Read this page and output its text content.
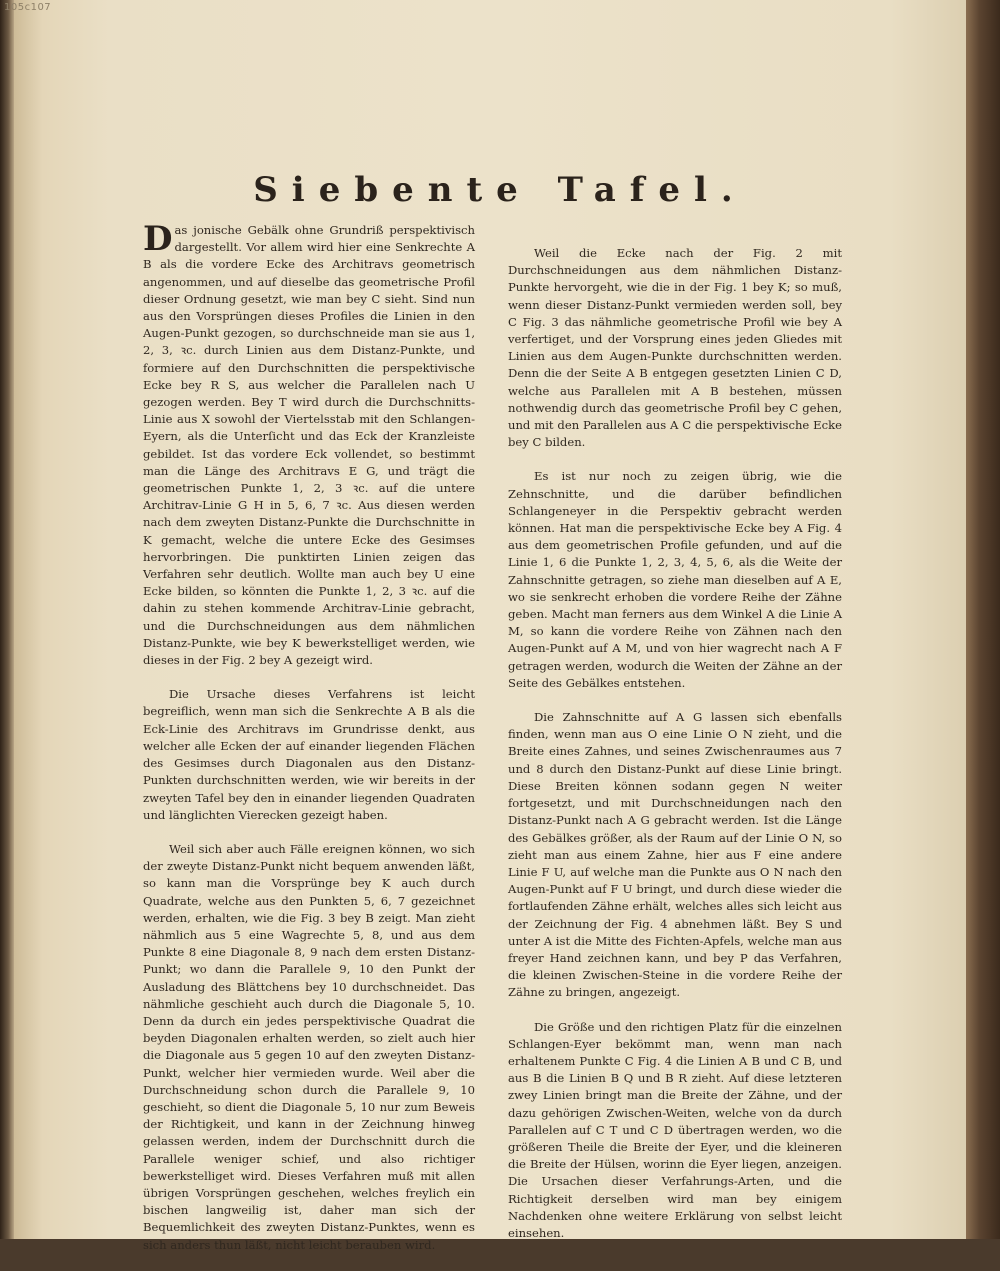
105c107
Siebente Tafel.

Das jonische Gebälk ohne Grundriß perspektivisch dargestellt. Vor allem wird hier eine Senkrechte A B als die vordere Ecke des Architravs geometrisch angenommen, und auf dieselbe das geometrische Profil dieser Ordnung gesetzt, wie man bey C sieht. Sind nun aus den Vorsprüngen dieses Profiles die Linien in den Augen-Punkt gezogen, so durchschneide man sie aus 1, 2, 3, ꝛc. durch Linien aus dem Distanz-Punkte, und formiere auf den Durchschnitten die perspektivische Ecke bey R S, aus welcher die Parallelen nach U gezogen werden. Bey T wird durch die Durchschnitts-Linie aus X sowohl der Viertelsstab mit den Schlangen-Eyern, als die Unterſicht und das Eck der Kranzleiste gebildet. Ist das vordere Eck vollendet, so bestimmt man die Länge des Architravs E G, und trägt die geometrischen Punkte 1, 2, 3 ꝛc. auf die untere Architrav-Linie G H in 5, 6, 7 ꝛc. Aus diesen werden nach dem zweyten Distanz-Punkte die Durchschnitte in K gemacht, welche die untere Ecke des Gesimses hervorbringen. Die punktirten Linien zeigen das Verfahren sehr deutlich. Wollte man auch bey U eine Ecke bilden, so könnten die Punkte 1, 2, 3 ꝛc. auf die dahin zu stehen kommende Architrav-Linie gebracht, und die Durchschneidungen aus dem nähmlichen Distanz-Punkte, wie bey K bewerkstelliget werden, wie dieses in der Fig. 2 bey A gezeigt wird.

Die Ursache dieses Verfahrens ist leicht begreiflich, wenn man sich die Senkrechte A B als die Eck-Linie des Architravs im Grundrisse denkt, aus welcher alle Ecken der auf einander liegenden Flächen des Gesimses durch Diagonalen aus den Distanz-Punkten durchschnitten werden, wie wir bereits in der zweyten Tafel bey den in einander liegenden Quadraten und länglichten Vierecken gezeigt haben.

Weil sich aber auch Fälle ereignen können, wo sich der zweyte Distanz-Punkt nicht bequem anwenden läßt, so kann man die Vorsprünge bey K auch durch Quadrate, welche aus den Punkten 5, 6, 7 gezeichnet werden, erhalten, wie die Fig. 3 bey B zeigt. Man zieht nähmlich aus 5 eine Wagrechte 5, 8, und aus dem Punkte 8 eine Diagonale 8, 9 nach dem ersten Distanz-Punkt; wo dann die Parallele 9, 10 den Punkt der Ausladung des Blättchens bey 10 durchschneidet. Das nähmliche geschieht auch durch die Diagonale 5, 10. Denn da durch ein jedes perspektivische Quadrat die beyden Diagonalen erhalten werden, so zielt auch hier die Diagonale aus 5 gegen 10 auf den zweyten Distanz-Punkt, welcher hier vermieden wurde. Weil aber die Durchschneidung schon durch die Parallele 9, 10 geschieht, so dient die Diagonale 5, 10 nur zum Beweis der Richtigkeit, und kann in der Zeichnung hinweg gelassen werden, indem der Durchschnitt durch die Parallele weniger schief, und also richtiger bewerkstelliget wird. Dieses Verfahren muß mit allen übrigen Vorsprüngen geschehen, welches freylich ein bischen langweilig ist, daher man sich der Bequemlichkeit des zweyten Distanz-Punktes, wenn es sich anders thun läßt, nicht leicht berauben wird.

Weil die Ecke nach der Fig. 2 mit Durchschneidungen aus dem nähmlichen Distanz-Punkte hervorgeht, wie die in der Fig. 1 bey K; so muß, wenn dieser Distanz-Punkt vermieden werden soll, bey C Fig. 3 das nähmliche geometrische Profil wie bey A verfertiget, und der Vorsprung eines jeden Gliedes mit Linien aus dem Augen-Punkte durchschnitten werden. Denn die der Seite A B entgegen gesetzten Linien C D, welche aus Parallelen mit A B bestehen, müssen nothwendig durch das geometrische Profil bey C gehen, und mit den Parallelen aus A C die perspektivische Ecke bey C bilden.

Es ist nur noch zu zeigen übrig, wie die Zehnschnitte, und die darüber befindlichen Schlangeneyer in die Perspektiv gebracht werden können. Hat man die perspektivische Ecke bey A Fig. 4 aus dem geometrischen Profile gefunden, und auf die Linie 1, 6 die Punkte 1, 2, 3, 4, 5, 6, als die Weite der Zahnschnitte getragen, so ziehe man dieselben auf A E, wo sie senkrecht erhoben die vordere Reihe der Zähne geben. Macht man ferners aus dem Winkel A die Linie A M, so kann die vordere Reihe von Zähnen nach den Augen-Punkt auf A M, und von hier wagrecht nach A F getragen werden, wodurch die Weiten der Zähne an der Seite des Gebälkes entstehen.

Die Zahnschnitte auf A G lassen sich ebenfalls finden, wenn man aus O eine Linie O N zieht, und die Breite eines Zahnes, und seines Zwischenraumes aus 7 und 8 durch den Distanz-Punkt auf diese Linie bringt. Diese Breiten können sodann gegen N weiter fortgesetzt, und mit Durchschneidungen nach den Distanz-Punkt nach A G gebracht werden. Ist die Länge des Gebälkes größer, als der Raum auf der Linie O N, so zieht man aus einem Zahne, hier aus F eine andere Linie F U, auf welche man die Punkte aus O N nach den Augen-Punkt auf F U bringt, und durch diese wieder die fortlaufenden Zähne erhält, welches alles sich leicht aus der Zeichnung der Fig. 4 abnehmen läßt. Bey S und unter A ist die Mitte des Fichten-Apfels, welche man aus freyer Hand zeichnen kann, und bey P das Verfahren, die kleinen Zwischen-Steine in die vordere Reihe der Zähne zu bringen, angezeigt.

Die Größe und den richtigen Platz für die einzelnen Schlangen-Eyer bekömmt man, wenn man nach erhaltenem Punkte C Fig. 4 die Linien A B und C B, und aus B die Linien B Q und B R zieht. Auf diese letzteren zwey Linien bringt man die Breite der Zähne, und der dazu gehörigen Zwischen-Weiten, welche von da durch Parallelen auf C T und C D übertragen werden, wo die größeren Theile die Breite der Eyer, und die kleineren die Breite der Hülsen, worinn die Eyer liegen, anzeigen. Die Ursachen dieser Verfahrungs-Arten, und die Richtigkeit derselben wird man bey einigem Nachdenken ohne weitere Erklärung von selbst leicht einsehen.
